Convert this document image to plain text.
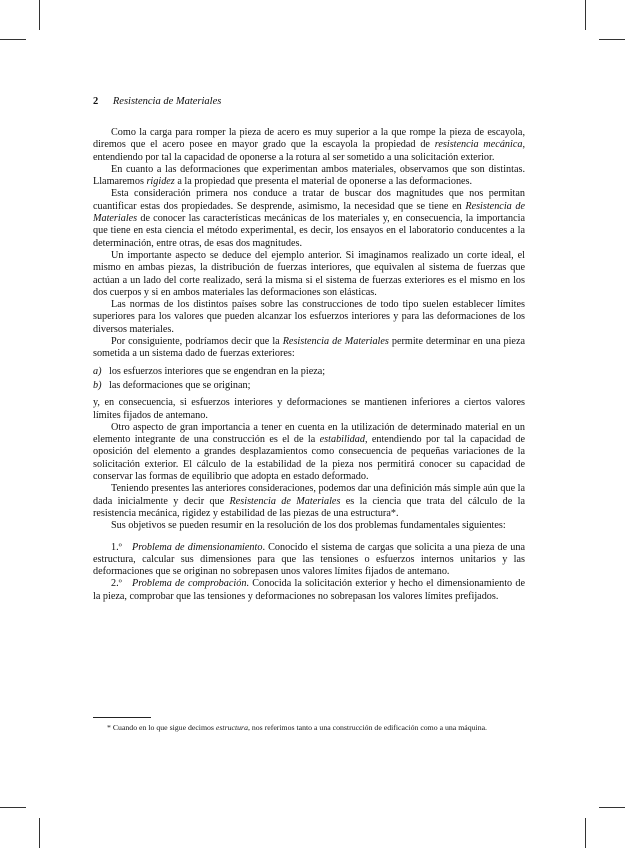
2 Resistencia de Materiales

Como la carga para romper la pieza de acero es muy superior a la que rompe la pieza de escayola, diremos que el acero posee en mayor grado que la escayola la propiedad de resistencia mecánica, entendiendo por tal la capacidad de oponerse a la rotura al ser sometido a una solicitación exterior.

En cuanto a las deformaciones que experimentan ambos materiales, observamos que son distintas. Llamaremos rigidez a la propiedad que presenta el material de oponerse a las deformaciones.

Esta consideración primera nos conduce a tratar de buscar dos magnitudes que nos permitan cuantificar estas dos propiedades. Se desprende, asimismo, la necesidad que se tiene en Resistencia de Materiales de conocer las características mecánicas de los materiales y, en consecuencia, la importancia que tiene en esta ciencia el método experimental, es decir, los ensayos en el laboratorio conducentes a la determinación, entre otras, de esas dos magnitudes.

Un importante aspecto se deduce del ejemplo anterior. Si imaginamos realizado un corte ideal, el mismo en ambas piezas, la distribución de fuerzas interiores, que equivalen al sistema de fuerzas que actúan a un lado del corte realizado, será la misma si el sistema de fuerzas exteriores es el mismo en los dos cuerpos y si en ambos materiales las deformaciones son elásticas.

Las normas de los distintos países sobre las construcciones de todo tipo suelen establecer límites superiores para los valores que pueden alcanzar los esfuerzos interiores y para las deformaciones de los diversos materiales.

Por consiguiente, podríamos decir que la Resistencia de Materiales permite determinar en una pieza sometida a un sistema dado de fuerzas exteriores:

a) los esfuerzos interiores que se engendran en la pieza;
b) las deformaciones que se originan;

y, en consecuencia, si esfuerzos interiores y deformaciones se mantienen inferiores a ciertos valores límites fijados de antemano.

Otro aspecto de gran importancia a tener en cuenta en la utilización de determinado material en un elemento integrante de una construcción es el de la estabilidad, entendiendo por tal la capacidad de oposición del elemento a grandes desplazamientos como consecuencia de pequeñas variaciones de la solicitación exterior. El cálculo de la estabilidad de la pieza nos permitirá conocer su capacidad de conservar las formas de equilibrio que adopta en estado deformado.

Teniendo presentes las anteriores consideraciones, podemos dar una definición más simple aún que la dada inicialmente y decir que Resistencia de Materiales es la ciencia que trata del cálculo de la resistencia mecánica, rigidez y estabilidad de las piezas de una estructura*.

Sus objetivos se pueden resumir en la resolución de los dos problemas fundamentales siguientes:

1.º Problema de dimensionamiento. Conocido el sistema de cargas que solicita a una pieza de una estructura, calcular sus dimensiones para que las tensiones o esfuerzos internos unitarios y las deformaciones que se originan no sobrepasen unos valores límites fijados de antemano.

2.º Problema de comprobación. Conocida la solicitación exterior y hecho el dimensionamiento de la pieza, comprobar que las tensiones y deformaciones no sobrepasan los valores límites prefijados.

* Cuando en lo que sigue decimos estructura, nos referimos tanto a una construcción de edificación como a una máquina.
